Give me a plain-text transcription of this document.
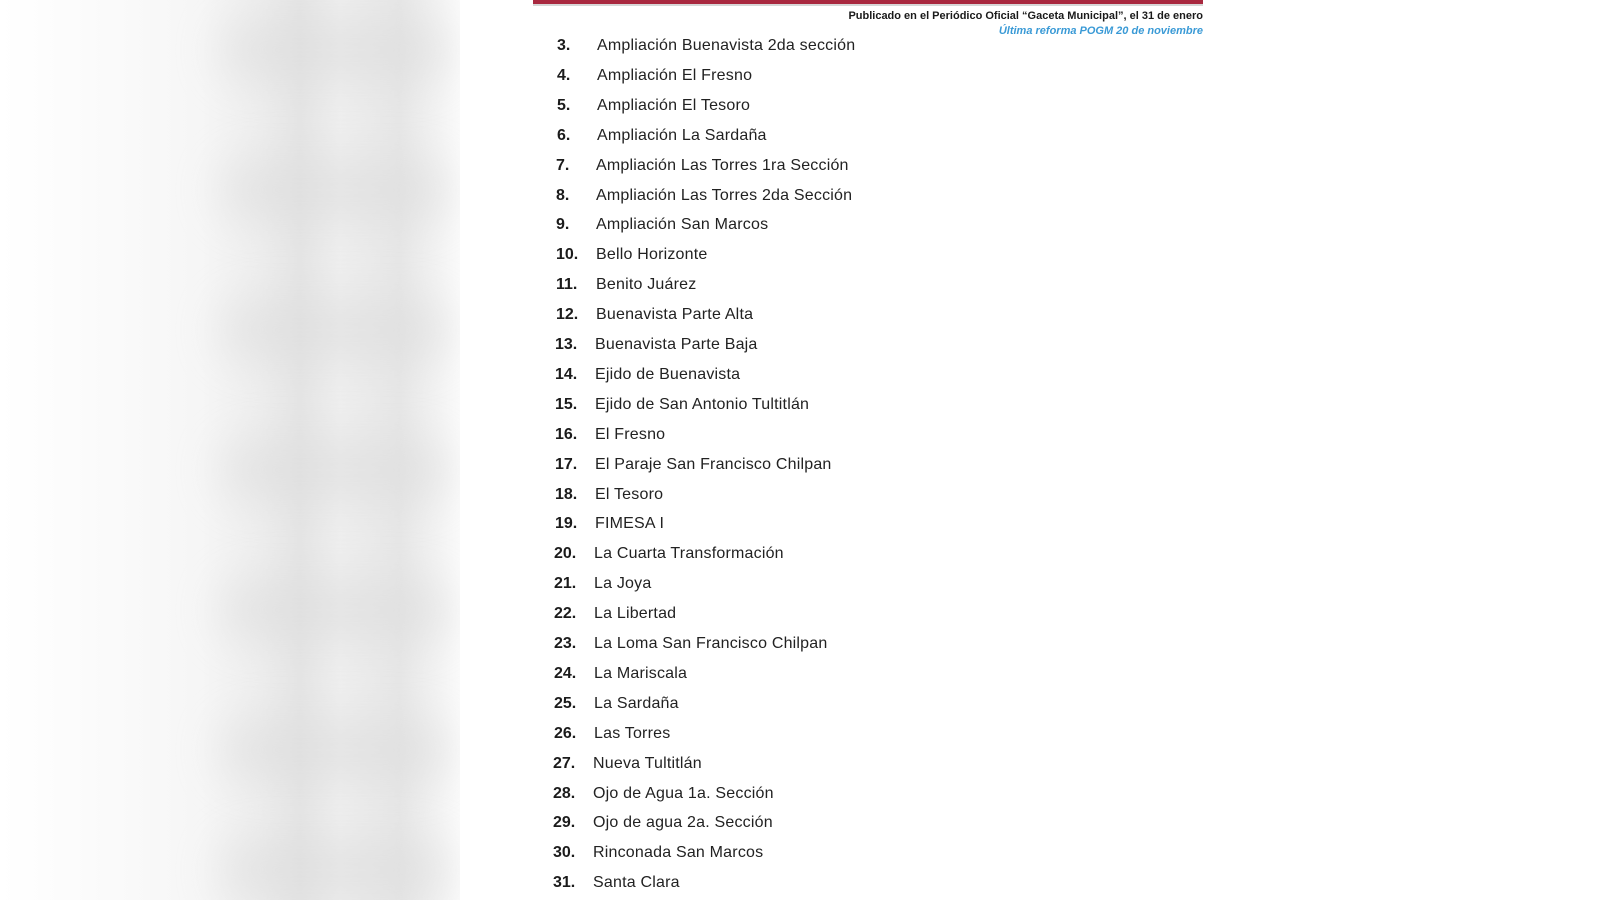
Publicado en el Periódico Oficial “Gaceta Municipal”, el 31 de enero
Última reforma POGM 20 de noviembre
3. Ampliación Buenavista 2da sección
4. Ampliación El Fresno
5. Ampliación El Tesoro
6. Ampliación La Sardaña
7. Ampliación Las Torres 1ra Sección
8. Ampliación Las Torres 2da Sección
9. Ampliación San Marcos
10. Bello Horizonte
11. Benito Juárez
12. Buenavista Parte Alta
13. Buenavista Parte Baja
14. Ejido de Buenavista
15. Ejido de San Antonio Tultitlán
16. El Fresno
17. El Paraje San Francisco Chilpan
18. El Tesoro
19. FIMESA I
20. La Cuarta Transformación
21. La Joya
22. La Libertad
23. La Loma San Francisco Chilpan
24. La Mariscala
25. La Sardaña
26. Las Torres
27. Nueva Tultitlán
28. Ojo de Agua 1a. Sección
29. Ojo de agua 2a. Sección
30. Rinconada San Marcos
31. Santa Clara
